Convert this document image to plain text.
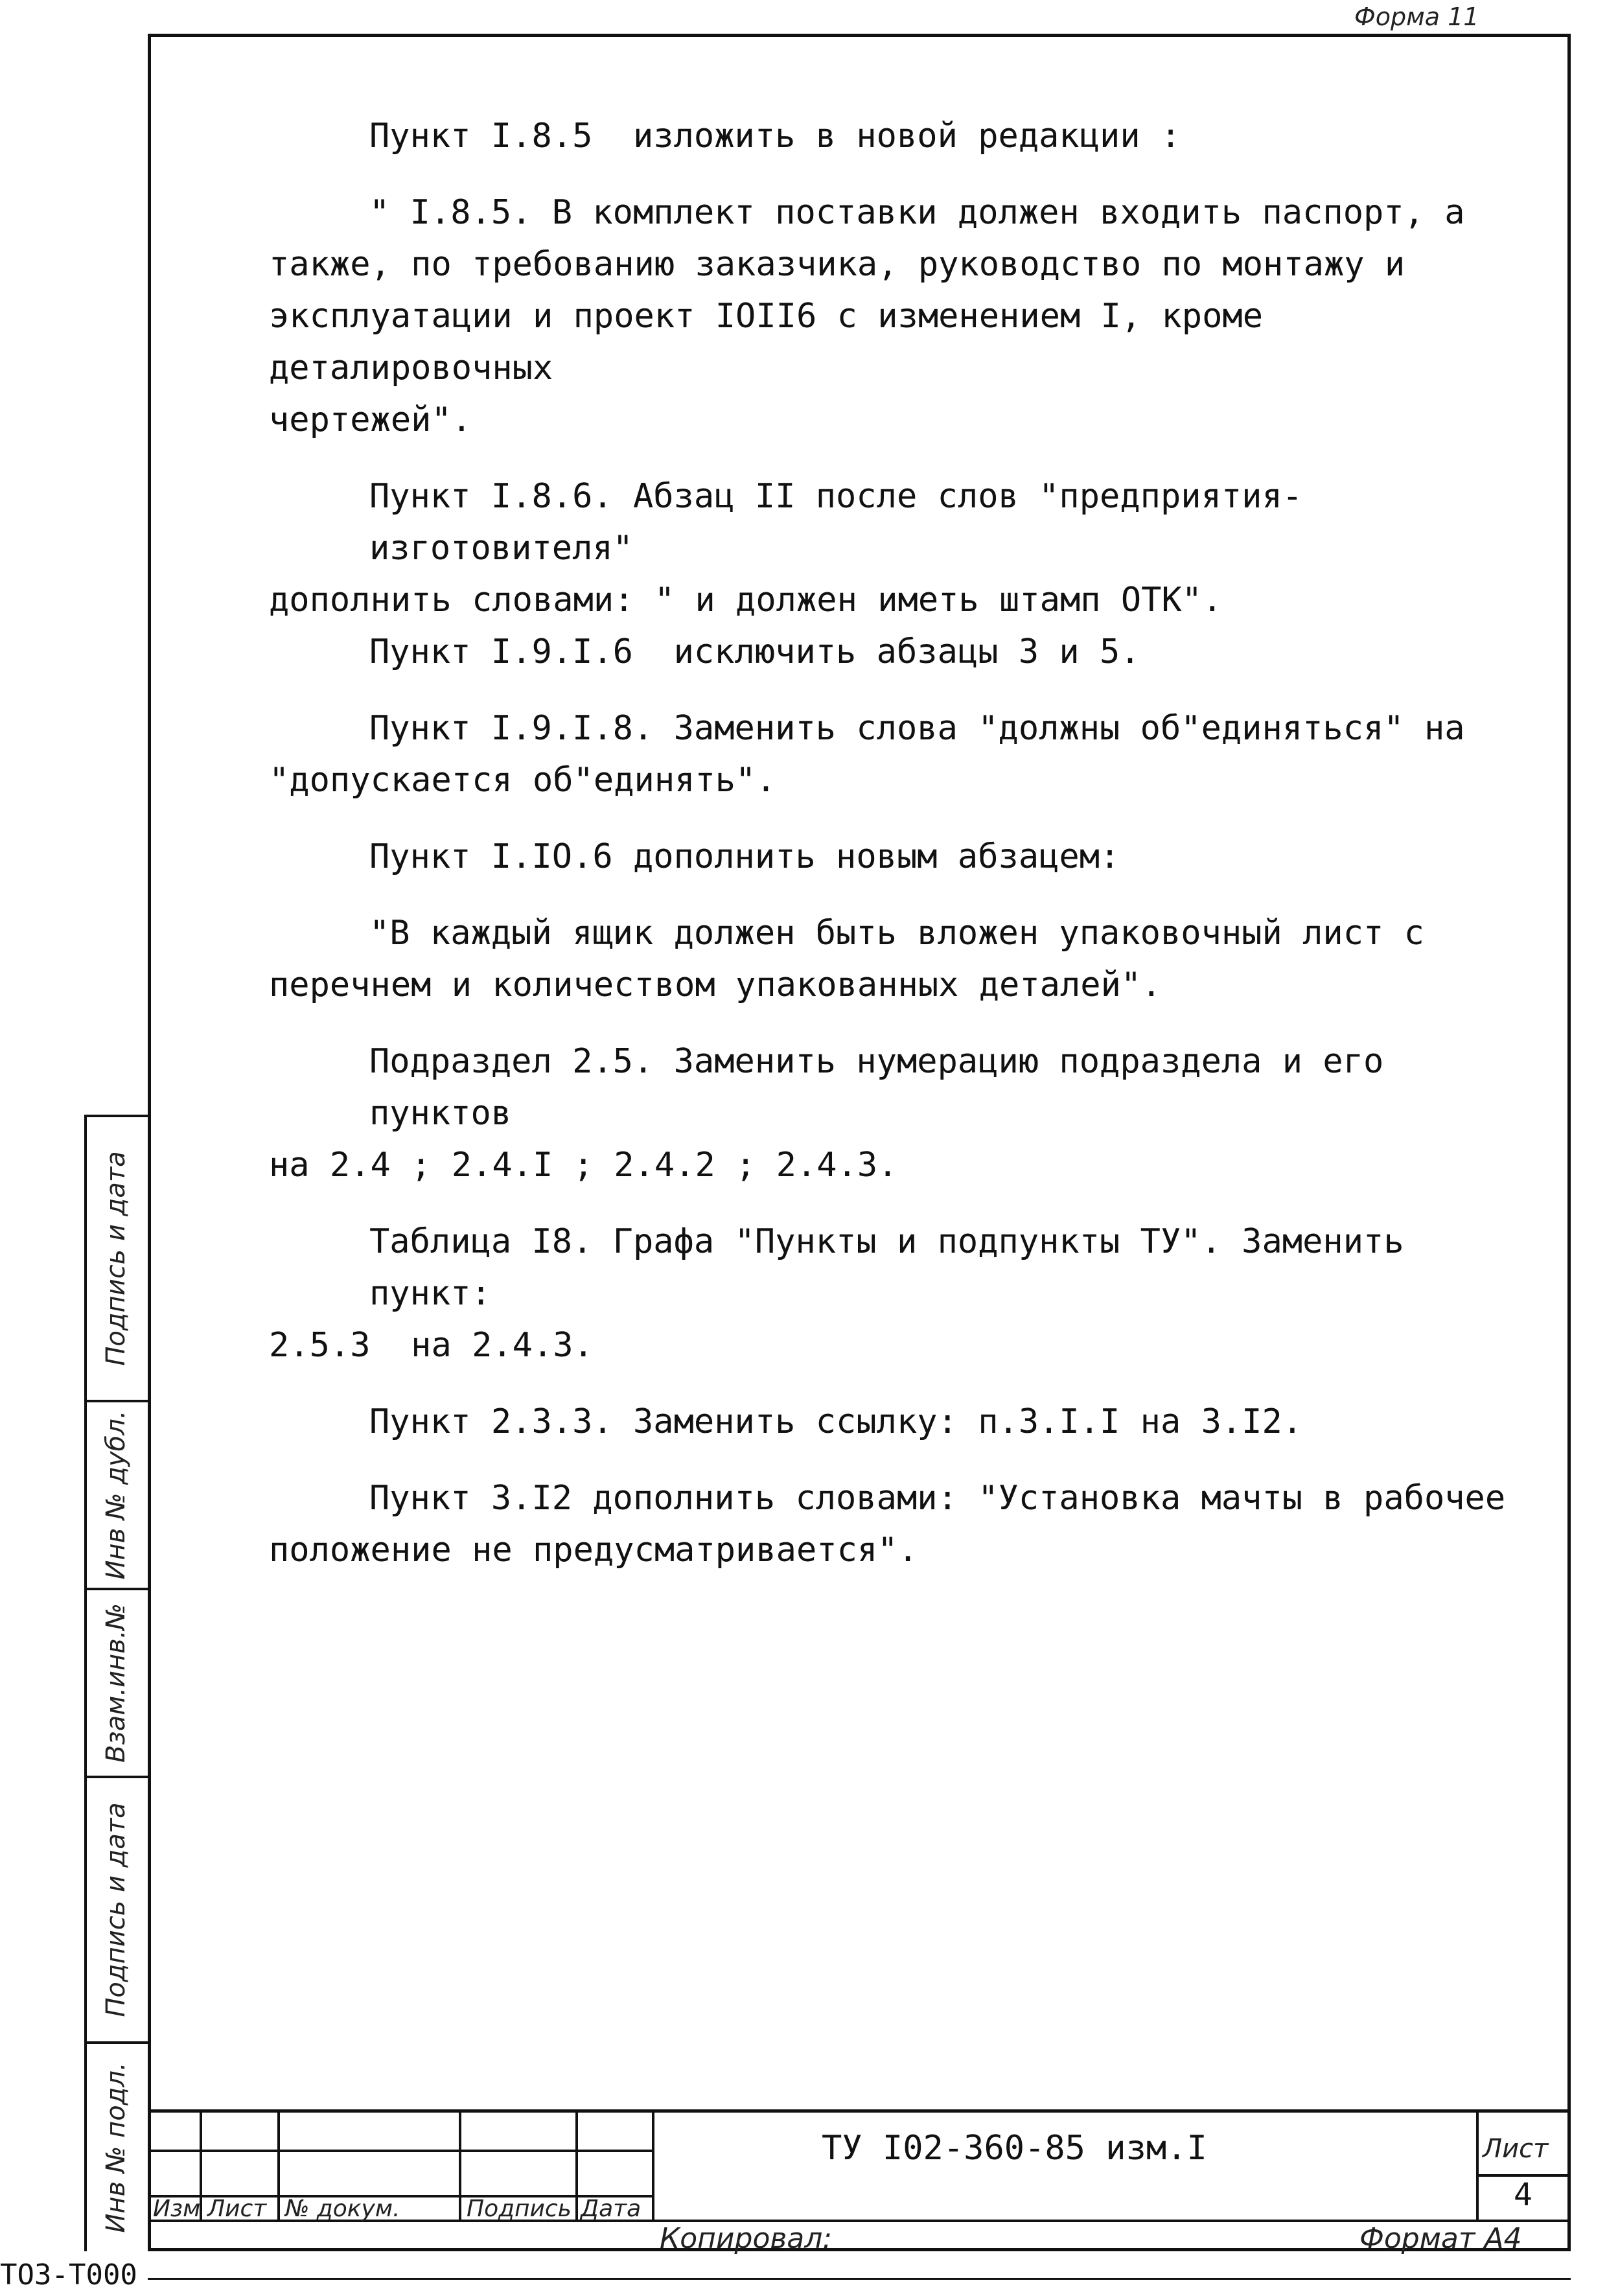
Форма 11

Пункт I.8.5  изложить в новой редакции :

" I.8.5. В комплект поставки должен входить паспорт, а

также, по требованию заказчика, руководство по монтажу и

эксплуатации и проект IOII6 с изменением I, кроме деталировочных

чертежей".

Пункт I.8.6. Абзац II после слов "предприятия-изготовителя"

дополнить словами: " и должен иметь штамп ОТК".

Пункт I.9.I.6  исключить абзацы 3 и 5.

Пункт I.9.I.8. Заменить слова "должны об"единяться" на

"допускается об"единять".

Пункт I.IO.6 дополнить новым абзацем:

"В каждый ящик должен быть вложен упаковочный лист с

перечнем и количеством упакованных деталей".

Подраздел 2.5. Заменить нумерацию подраздела и его пунктов

на 2.4 ; 2.4.I ; 2.4.2 ; 2.4.3.

Таблица I8. Графа "Пункты и подпункты ТУ". Заменить пункт:

2.5.3  на 2.4.3.

Пункт 2.3.3. Заменить ссылку: п.3.I.I на 3.I2.

Пункт 3.I2 дополнить словами: "Установка мачты в рабочее

положение не предусматривается".

Инв № подл.
Подпись и дата
Взам.инв.№
Инв № дубл.
Подпись и дата
Изм Лист № докум.	Подпись Дата
ТУ I02-360-85 изм.I	Лист
4
Копировал:	Формат А4
ТОЗ-Т000
